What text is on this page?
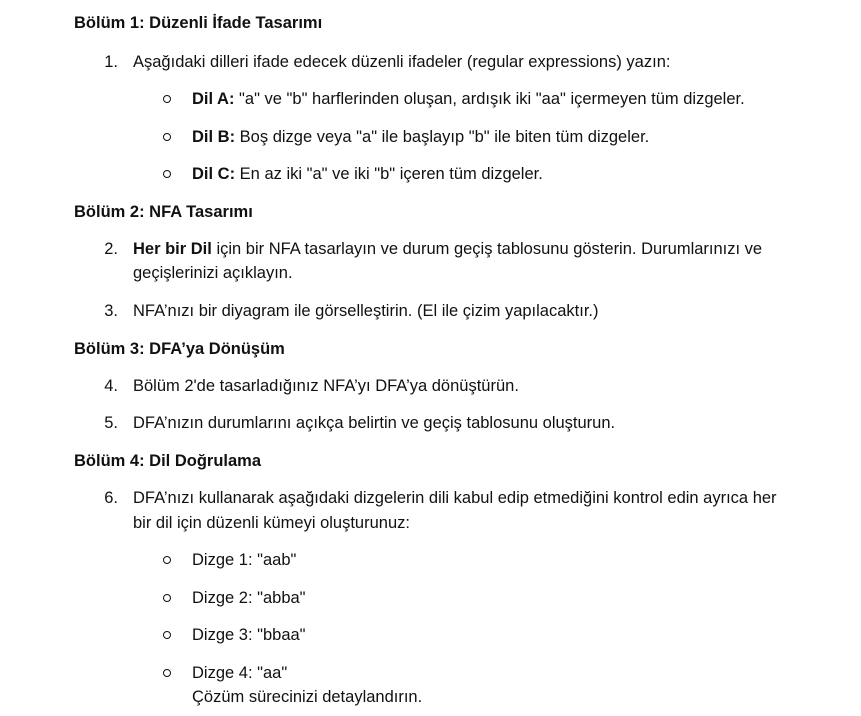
Bölüm 1: Düzenli İfade Tasarımı
1. Aşağıdaki dilleri ifade edecek düzenli ifadeler (regular expressions) yazın:
Dil A: "a" ve "b" harflerinden oluşan, ardışık iki "aa" içermeyen tüm dizgeler.
Dil B: Boş dizge veya "a" ile başlayıp "b" ile biten tüm dizgeler.
Dil C: En az iki "a" ve iki "b" içeren tüm dizgeler.
Bölüm 2: NFA Tasarımı
2. Her bir Dil için bir NFA tasarlayın ve durum geçiş tablosunu gösterin. Durumlarınızı ve
geçişlerinizi açıklayın.
3. NFA’nızı bir diyagram ile görselleştirin. (El ile çizim yapılacaktır.)
Bölüm 3: DFA’ya Dönüşüm
4. Bölüm 2'de tasarladığınız NFA’yı DFA’ya dönüştürün.
5. DFA’nızın durumlarını açıkça belirtin ve geçiş tablosunu oluşturun.
Bölüm 4: Dil Doğrulama
6. DFA’nızı kullanarak aşağıdaki dizgelerin dili kabul edip etmediğini kontrol edin ayrıca her
bir dil için düzenli kümeyi oluşturunuz:
Dizge 1: "aab"
Dizge 2: "abba"
Dizge 3: "bbaa"
Dizge 4: "aa"
Çözüm sürecinizi detaylandırın.
